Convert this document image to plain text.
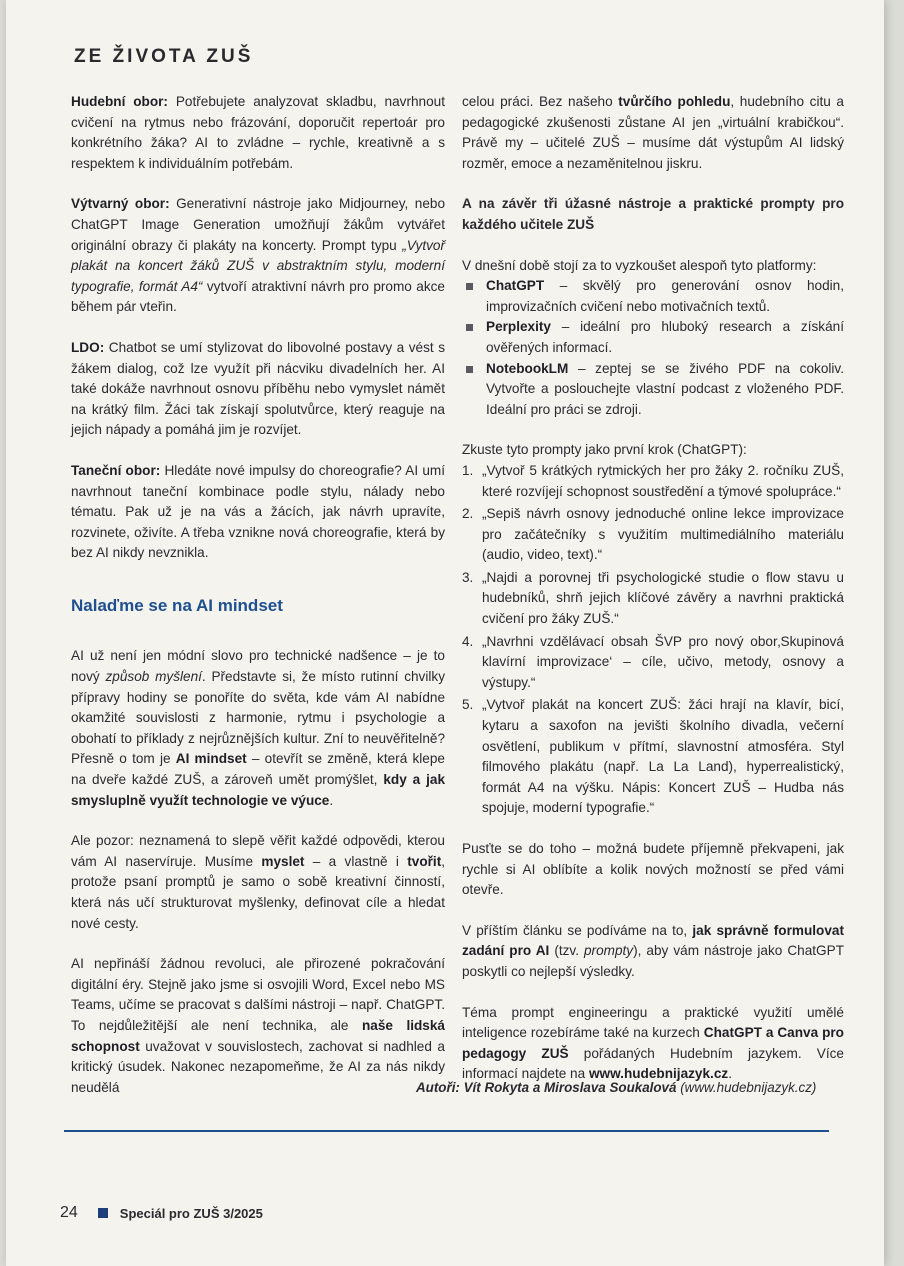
ZE ŽIVOTA ZUŠ

Hudební obor: Potřebujete analyzovat skladbu, navrhnout cvičení na rytmus nebo frázování, doporučit repertoár pro konkrétního žáka? AI to zvládne – rychle, kreativně a s respektem k individuálním potřebám.

Výtvarný obor: Generativní nástroje jako Midjourney, nebo ChatGPT Image Generation umožňují žákům vytvářet originální obrazy či plakáty na koncerty. Prompt typu „Vytvoř plakát na koncert žáků ZUŠ v abstraktním stylu, moderní typografie, formát A4“ vytvoří atraktivní návrh pro promo akce během pár vteřin.

LDO: Chatbot se umí stylizovat do libovolné postavy a vést s žákem dialog, což lze využít při nácviku divadelních her. AI také dokáže navrhnout osnovu příběhu nebo vymyslet námět na krátký film. Žáci tak získají spolutvůrce, který reaguje na jejich nápady a pomáhá jim je rozvíjet.

Taneční obor: Hledáte nové impulsy do choreografie? AI umí navrhnout taneční kombinace podle stylu, nálady nebo tématu. Pak už je na vás a žácích, jak návrh upravíte, rozvinete, oživíte. A třeba vznikne nová choreografie, která by bez AI nikdy nevznikla.

Nalaďme se na AI mindset

AI už není jen módní slovo pro technické nadšence – je to nový způsob myšlení. Představte si, že místo rutinní chvilky přípravy hodiny se ponoříte do světa, kde vám AI nabídne okamžité souvislosti z harmonie, rytmu i psychologie a obohatí to příklady z nejrůznějších kultur. Zní to neuvěřitelně? Přesně o tom je AI mindset – otevřít se změně, která klepe na dveře každé ZUŠ, a zároveň umět promýšlet, kdy a jak smysluplně využít technologie ve výuce.

Ale pozor: neznamená to slepě věřit každé odpovědi, kterou vám AI naservíruje. Musíme myslet – a vlastně i tvořit, protože psaní promptů je samo o sobě kreativní činností, která nás učí strukturovat myšlenky, definovat cíle a hledat nové cesty.

AI nepřináší žádnou revoluci, ale přirozené pokračování digitální éry. Stejně jako jsme si osvojili Word, Excel nebo MS Teams, učíme se pracovat s dalšími nástroji – např. ChatGPT. To nejdůležitější ale není technika, ale naše lidská schopnost uvažovat v souvislostech, zachovat si nadhled a kritický úsudek. Nakonec nezapomeňme, že AI za nás nikdy neudělá

celou práci. Bez našeho tvůrčího pohledu, hudebního citu a pedagogické zkušenosti zůstane AI jen „virtuální krabičkou“. Právě my – učitelé ZUŠ – musíme dát výstupům AI lidský rozměr, emoce a nezaměnitelnou jiskru.

A na závěr tři úžasné nástroje a praktické prompty pro každého učitele ZUŠ

V dnešní době stojí za to vyzkoušet alespoň tyto platformy:

ChatGPT – skvělý pro generování osnov hodin, improvizačních cvičení nebo motivačních textů.
Perplexity – ideální pro hluboký research a získání ověřených informací.
NotebookLM – zeptej se se živého PDF na cokoliv. Vytvořte a poslouchejte vlastní podcast z vloženého PDF. Ideální pro práci se zdroji.

Zkuste tyto prompty jako první krok (ChatGPT):

1. „Vytvoř 5 krátkých rytmických her pro žáky 2. ročníku ZUŠ, které rozvíjejí schopnost soustředění a týmové spolupráce.“
2. „Sepiš návrh osnovy jednoduché online lekce improvizace pro začátečníky s využitím multimediálního materiálu (audio, video, text).“
3. „Najdi a porovnej tři psychologické studie o flow stavu u hudebníků, shrň jejich klíčové závěry a navrhni praktická cvičení pro žáky ZUŠ.“
4. „Navrhni vzdělávací obsah ŠVP pro nový obor‚Skupinová klavírní improvizace‘ – cíle, učivo, metody, osnovy a výstupy.“
5. „Vytvoř plakát na koncert ZUŠ: žáci hrají na klavír, bicí, kytaru a saxofon na jevišti školního divadla, večerní osvětlení, publikum v přítmí, slavnostní atmosféra. Styl filmového plakátu (např. La La Land), hyperrealistický, formát A4 na výšku. Nápis: Koncert ZUŠ – Hudba nás spojuje, moderní typografie.“

Pusťte se do toho – možná budete příjemně překvapeni, jak rychle si AI oblíbíte a kolik nových možností se před vámi otevře.

V příštím článku se podíváme na to, jak správně formulovat zadání pro AI (tzv. prompty), aby vám nástroje jako ChatGPT poskytli co nejlepší výsledky.

Téma prompt engineeringu a praktické využití umělé inteligence rozebíráme také na kurzech ChatGPT a Canva pro pedagogy ZUŠ pořádaných Hudebním jazykem. Více informací najdete na www.hudebnijazyk.cz.

Autoři: Vít Rokyta a Miroslava Soukalová (www.hudebnijazyk.cz)
24	Speciál pro ZUŠ 3/2025
